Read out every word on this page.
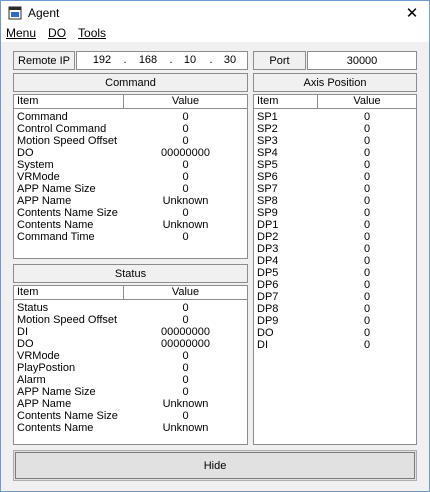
Agent	✕
Menu DO Tools
Remote IP	192	.	168	.	10	.	30	Port	30000
Command
Item	Value
Command	0
Control Command	0
Motion Speed Offset	0
DO	00000000
System	0
VRMode	0
APP Name Size	0
APP Name	Unknown
Contents Name Size	0
Contents Name	Unknown
Command Time	0
Status
Item	Value
Status	0
Motion Speed Offset	0
DI	00000000
DO	00000000
VRMode	0
PlayPostion	0
Alarm	0
APP Name Size	0
APP Name	Unknown
Contents Name Size	0
Contents Name	Unknown
Axis Position
Item	Value
SP1	0
SP2	0
SP3	0
SP4	0
SP5	0
SP6	0
SP7	0
SP8	0
SP9	0
DP1	0
DP2	0
DP3	0
DP4	0
DP5	0
DP6	0
DP7	0
DP8	0
DP9	0
DO	0
DI	0
Hide
